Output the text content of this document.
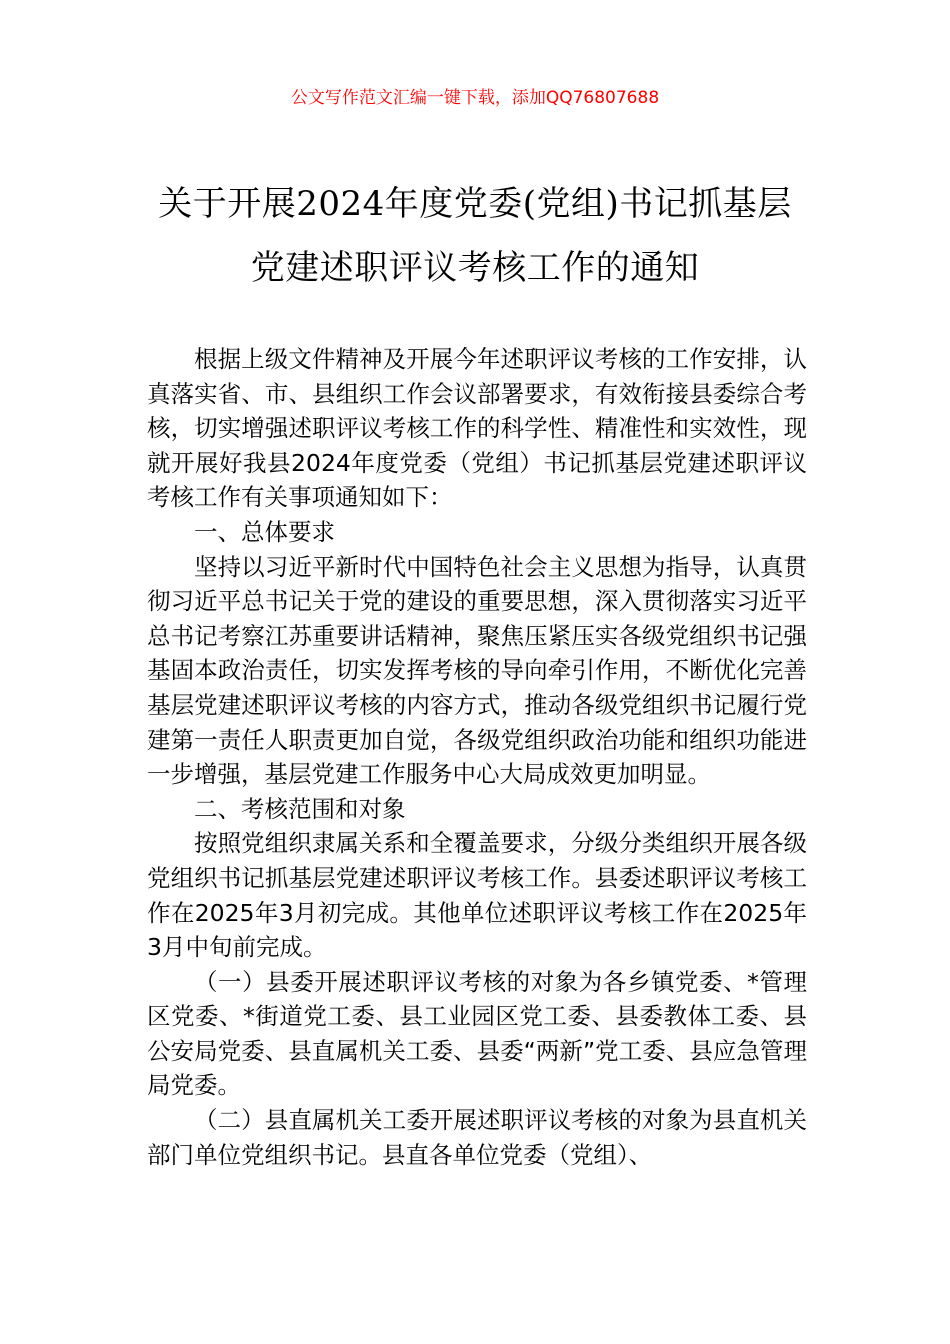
公文写作范文汇编一键下载，添加QQ76807688
关于开展2024年度党委(党组)书记抓基层
党建述职评议考核工作的通知

根据上级文件精神及开展今年述职评议考核的工作安排，认真落实省、市、县组织工作会议部署要求，有效衔接县委综合考核，切实增强述职评议考核工作的科学性、精准性和实效性，现就开展好我县2024年度党委（党组）书记抓基层党建述职评议考核工作有关事项通知如下：

一、总体要求

坚持以习近平新时代中国特色社会主义思想为指导，认真贯彻习近平总书记关于党的建设的重要思想，深入贯彻落实习近平总书记考察江苏重要讲话精神，聚焦压紧压实各级党组织书记强基固本政治责任，切实发挥考核的导向牵引作用，不断优化完善基层党建述职评议考核的内容方式，推动各级党组织书记履行党建第一责任人职责更加自觉，各级党组织政治功能和组织功能进一步增强，基层党建工作服务中心大局成效更加明显。

二、考核范围和对象

按照党组织隶属关系和全覆盖要求，分级分类组织开展各级党组织书记抓基层党建述职评议考核工作。县委述职评议考核工作在2025年3月初完成。其他单位述职评议考核工作在2025年3月中旬前完成。

（一）县委开展述职评议考核的对象为各乡镇党委、*管理区党委、*街道党工委、县工业园区党工委、县委教体工委、县公安局党委、县直属机关工委、县委“两新”党工委、县应急管理局党委。

（二）县直属机关工委开展述职评议考核的对象为县直机关部门单位党组织书记。县直各单位党委（党组）、
